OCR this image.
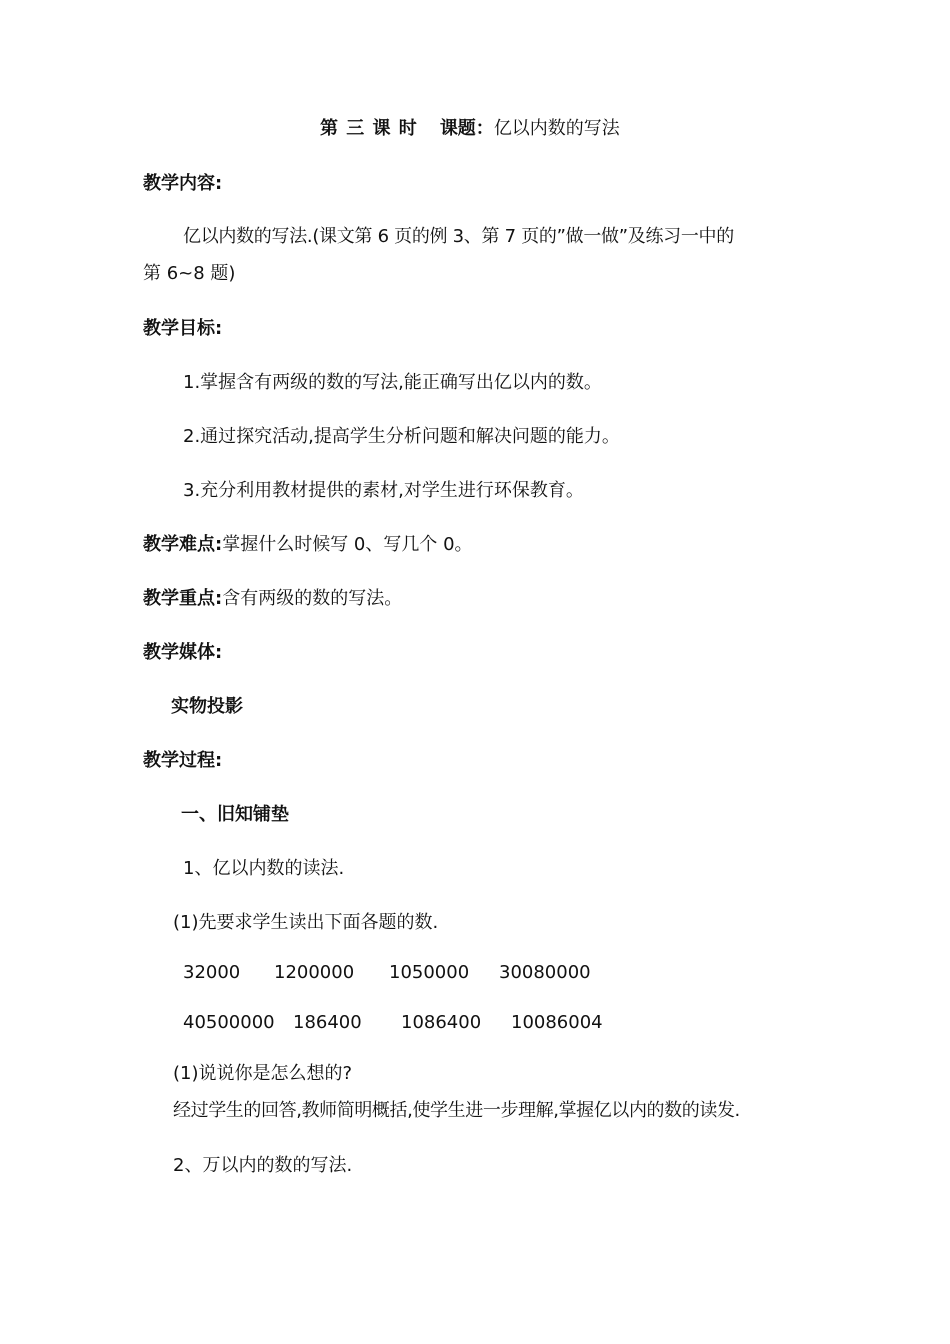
第 三 课 时 课题：亿以内数的写法
教学内容:
亿以内数的写法.(课文第 6 页的例 3、第 7 页的”做一做”及练习一中的
第 6~8 题)
教学目标:
1.掌握含有两级的数的写法,能正确写出亿以内的数。
2.通过探究活动,提高学生分析问题和解决问题的能力。
3.充分利用教材提供的素材,对学生进行环保教育。
教学难点:掌握什么时候写 0、写几个 0。
教学重点:含有两级的数的写法。
教学媒体:
实物投影
教学过程:
一、旧知铺垫
1、亿以内数的读法.
(1)先要求学生读出下面各题的数.
32000 1200000 1050000 30080000
40500000 186400 1086400 10086004
(1)说说你是怎么想的?
经过学生的回答,教师简明概括,使学生进一步理解,掌握亿以内的数的读发.
2、万以内的数的写法.
